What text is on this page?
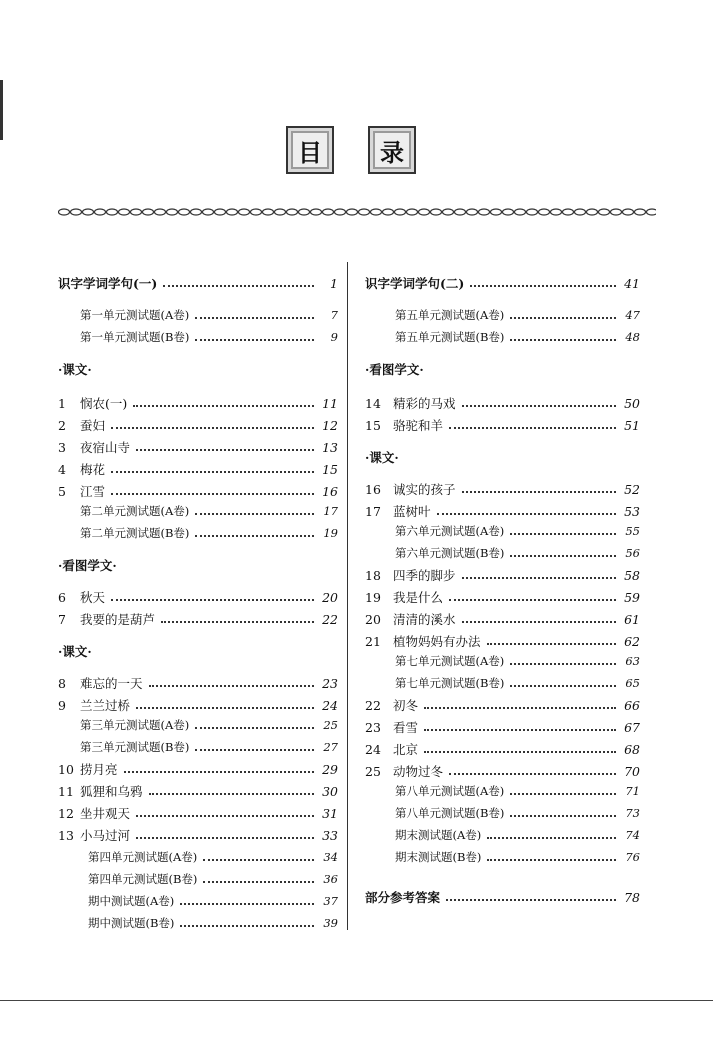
目 录
识字学词学句(一)	1
第一单元测试题(A卷)	7
第一单元测试题(B卷)	9
·课文·
1	悯农(一)	11
2	蚕妇	12
3	夜宿山寺	13
4	梅花	15
5	江雪	16
第二单元测试题(A卷)	17
第二单元测试题(B卷)	19
·看图学文·
6	秋天	20
7	我要的是葫芦	22
·课文·
8	难忘的一天	23
9	兰兰过桥	24
第三单元测试题(A卷)	25
第三单元测试题(B卷)	27
10 捞月亮	29
11 狐狸和乌鸦	30
12 坐井观天	31
13 小马过河	33
第四单元测试题(A卷)	34
第四单元测试题(B卷)	36
期中测试题(A卷)	37
期中测试题(B卷)	39
识字学词学句(二)	41
第五单元测试题(A卷)	47
第五单元测试题(B卷)	48
·看图学文·
14 精彩的马戏	50
15 骆驼和羊	51
·课文·
16 诚实的孩子	52
17 蓝树叶	53
第六单元测试题(A卷)	55
第六单元测试题(B卷)	56
18 四季的脚步	58
19 我是什么	59
20 清清的溪水	61
21 植物妈妈有办法	62
第七单元测试题(A卷)	63
第七单元测试题(B卷)	65
22 初冬	66
23 看雪	67
24 北京	68
25 动物过冬	70
第八单元测试题(A卷)	71
第八单元测试题(B卷)	73
期末测试题(A卷)	74
期末测试题(B卷)	76
部分参考答案	78
